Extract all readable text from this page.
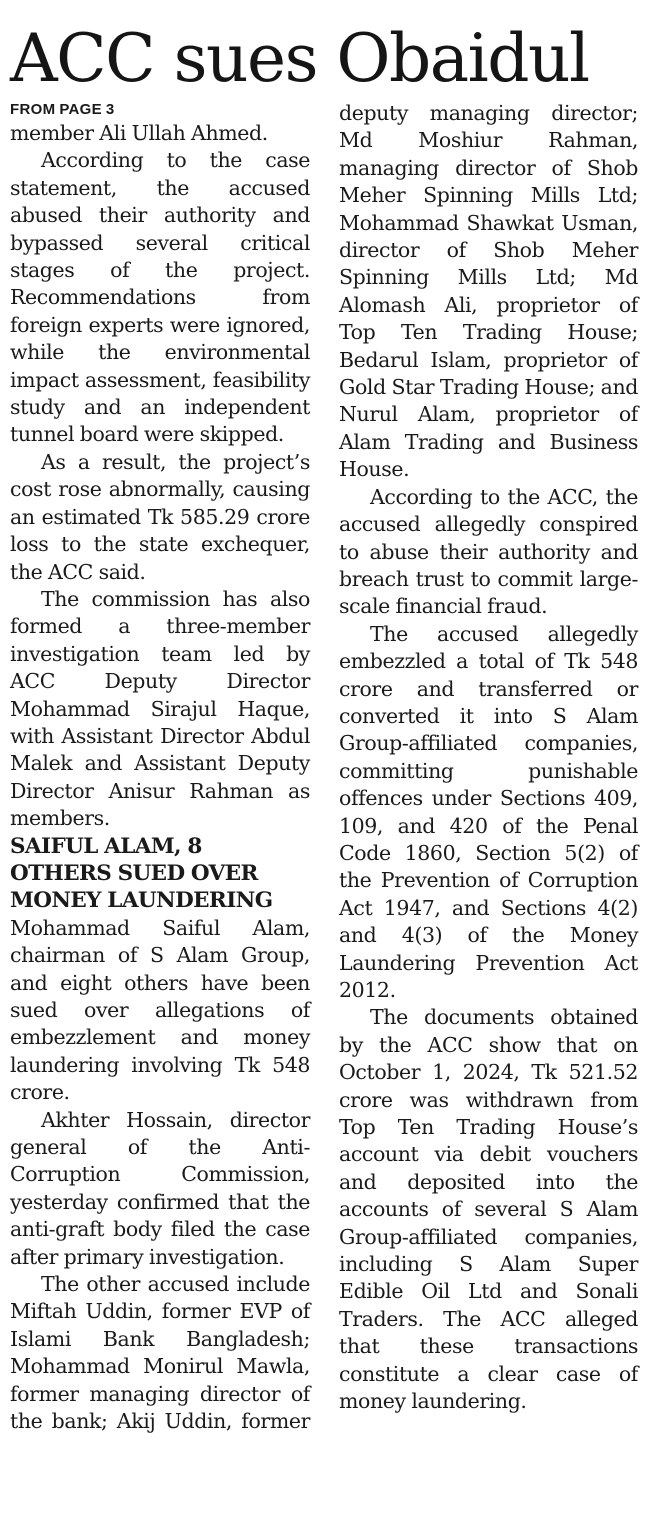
ACC sues Obaidul

FROM PAGE 3

member Ali Ullah Ahmed.

According to the case statement, the accused abused their authority and bypassed several critical stages of the project. Recommendations from foreign experts were ignored, while the environmental impact assessment, feasibility study and an independent tunnel board were skipped.

As a result, the project’s cost rose abnormally, causing an estimated Tk 585.29 crore loss to the state exchequer, the ACC said.

The commission has also formed a three-member investigation team led by ACC Deputy Director Mohammad Sirajul Haque, with Assistant Director Abdul Malek and Assistant Deputy Director Anisur Rahman as members.

SAIFUL ALAM, 8
OTHERS SUED OVER
MONEY LAUNDERING

Mohammad Saiful Alam, chairman of S Alam Group, and eight others have been sued over allegations of embezzlement and money laundering involving Tk 548 crore.

Akhter Hossain, director general of the Anti-Corruption Commission, yesterday confirmed that the anti-graft body filed the case after primary investigation.

The other accused include Miftah Uddin, former EVP of Islami Bank Bangladesh; Mohammad Monirul Mawla, former managing director of the bank; Akij Uddin, former

deputy managing director; Md Moshiur Rahman, managing director of Shob Meher Spinning Mills Ltd; Mohammad Shawkat Usman, director of Shob Meher Spinning Mills Ltd; Md Alomash Ali, proprietor of Top Ten Trading House; Bedarul Islam, proprietor of Gold Star Trading House; and Nurul Alam, proprietor of Alam Trading and Business House.

According to the ACC, the accused allegedly conspired to abuse their authority and breach trust to commit large-scale financial fraud.

The accused allegedly embezzled a total of Tk 548 crore and transferred or converted it into S Alam Group-affiliated companies, committing punishable offences under Sections 409, 109, and 420 of the Penal Code 1860, Section 5(2) of the Prevention of Corruption Act 1947, and Sections 4(2) and 4(3) of the Money Laundering Prevention Act 2012.

The documents obtained by the ACC show that on October 1, 2024, Tk 521.52 crore was withdrawn from Top Ten Trading House’s account via debit vouchers and deposited into the accounts of several S Alam Group-affiliated companies, including S Alam Super Edible Oil Ltd and Sonali Traders. The ACC alleged that these transactions constitute a clear case of money laundering.
